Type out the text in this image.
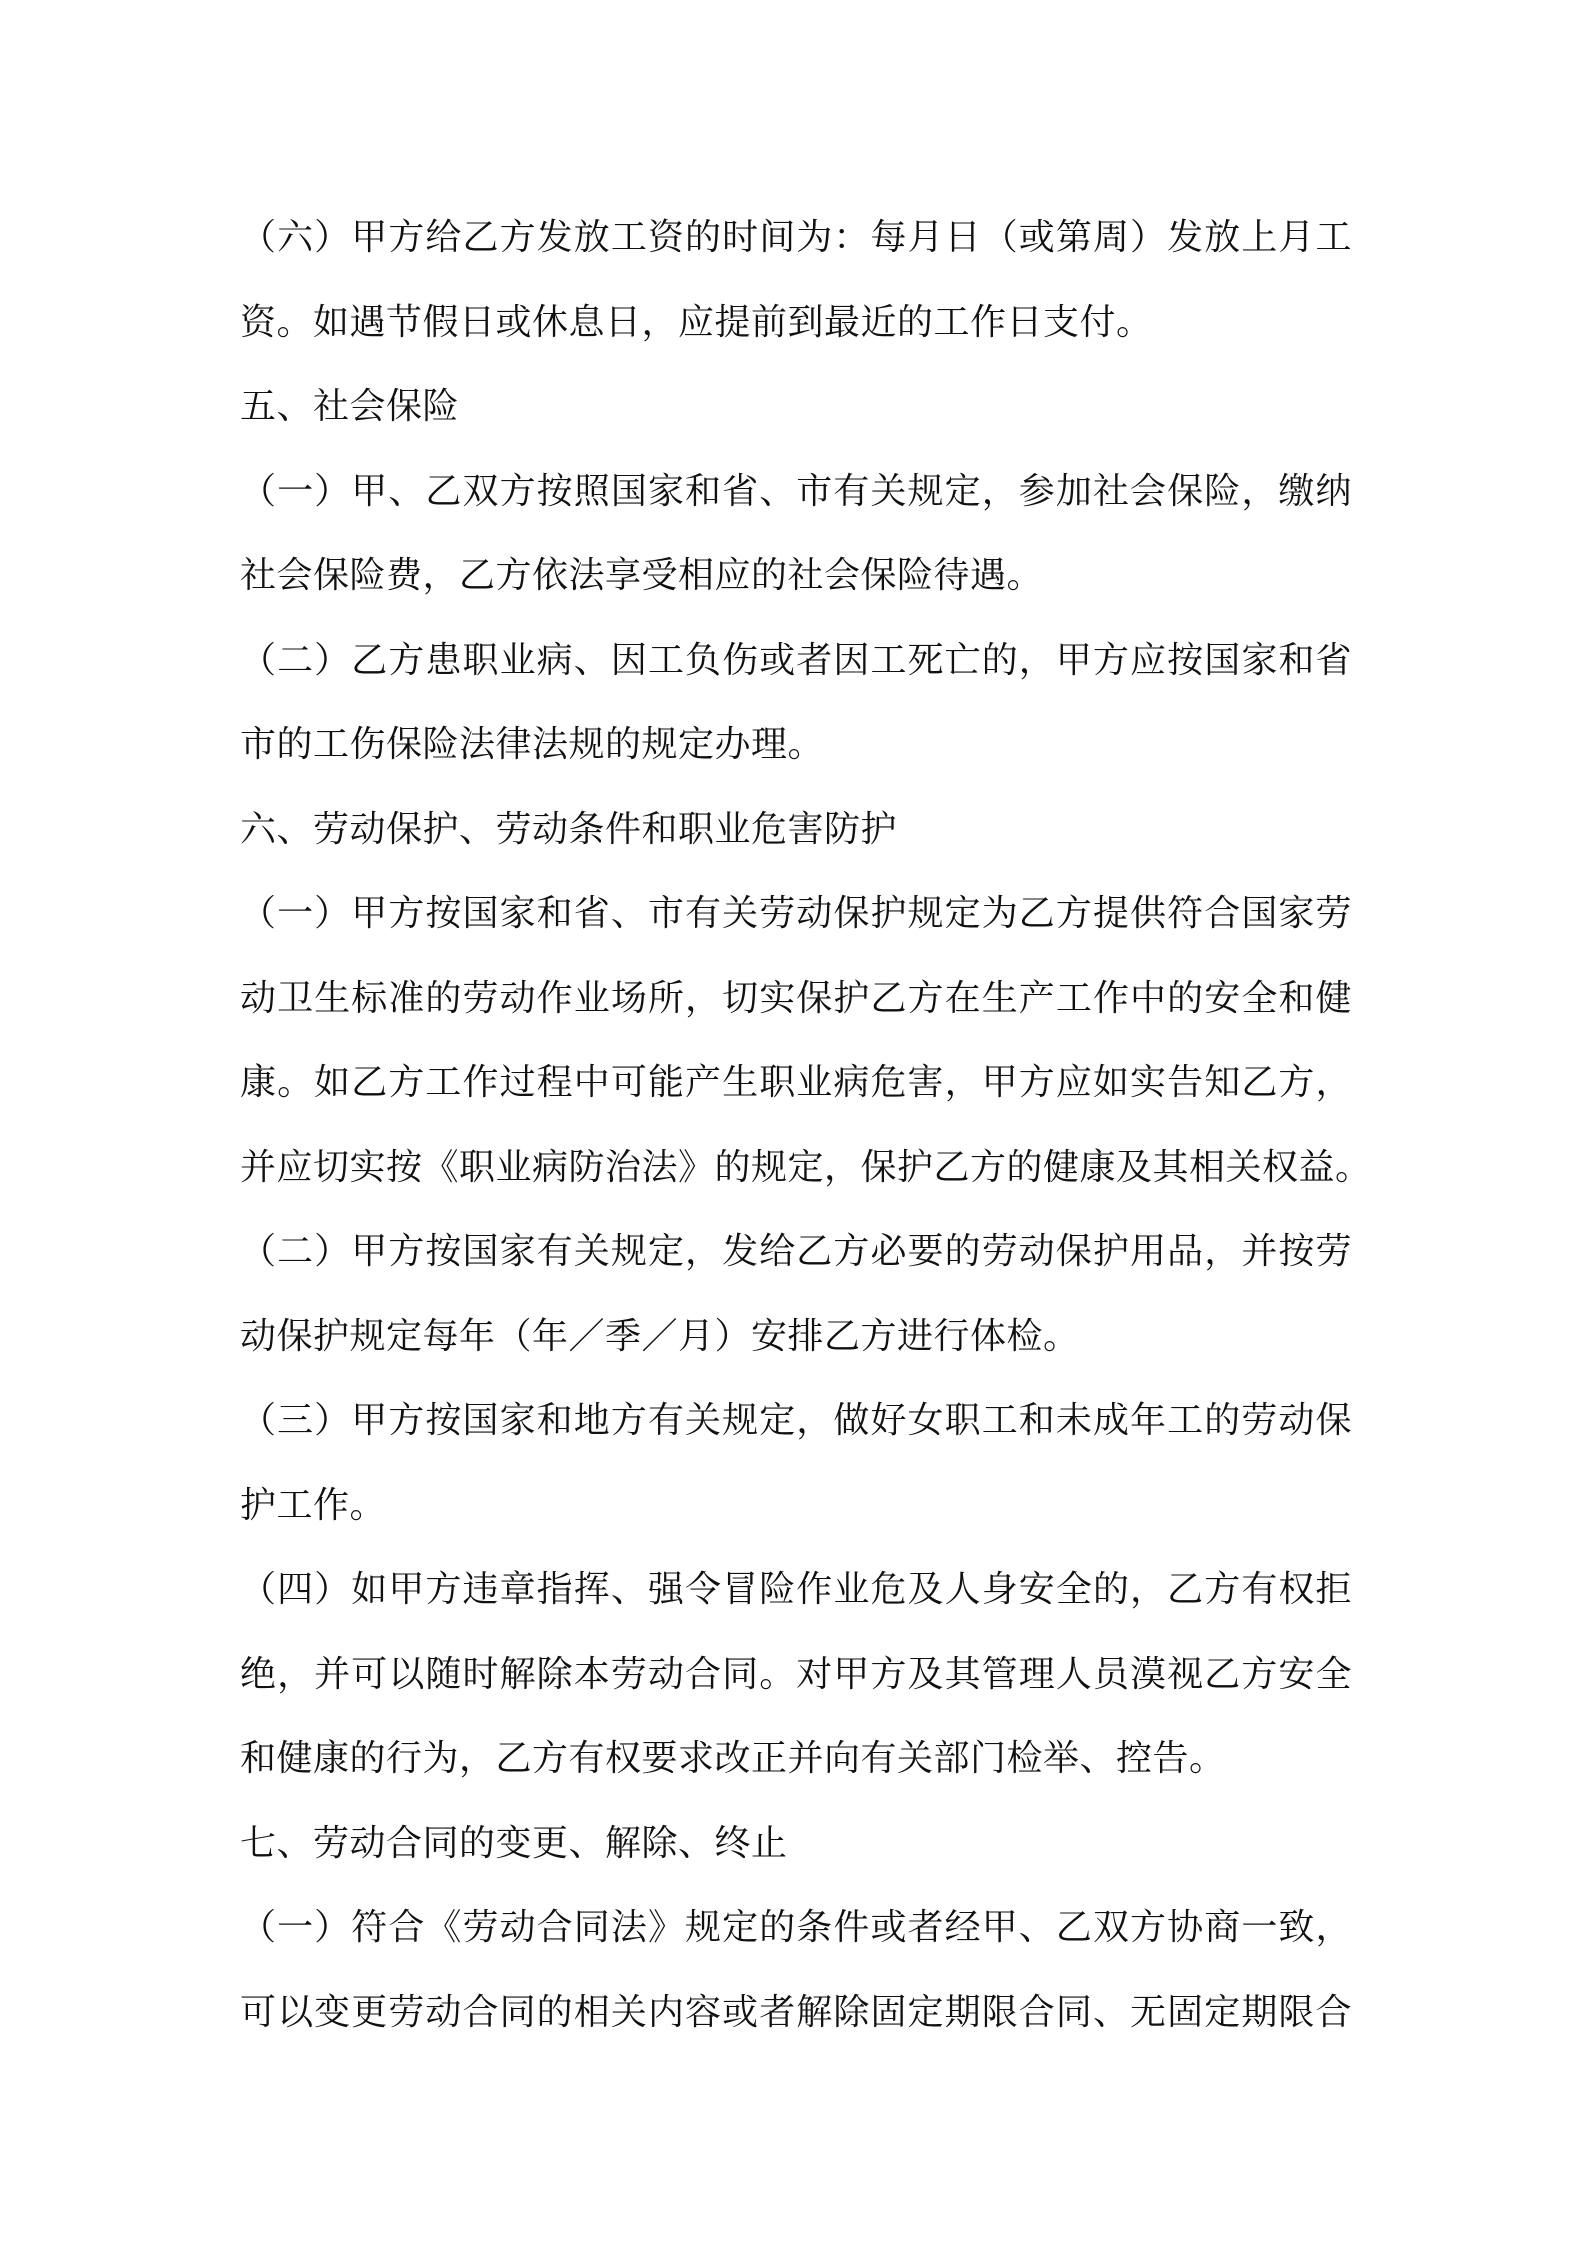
（六）甲方给乙方发放工资的时间为：每月日（或第周）发放上月工
资。如遇节假日或休息日，应提前到最近的工作日支付。
五、社会保险
（一）甲、乙双方按照国家和省、市有关规定，参加社会保险，缴纳
社会保险费，乙方依法享受相应的社会保险待遇。
（二）乙方患职业病、因工负伤或者因工死亡的，甲方应按国家和省
市的工伤保险法律法规的规定办理。
六、劳动保护、劳动条件和职业危害防护
（一）甲方按国家和省、市有关劳动保护规定为乙方提供符合国家劳
动卫生标准的劳动作业场所，切实保护乙方在生产工作中的安全和健
康。如乙方工作过程中可能产生职业病危害，甲方应如实告知乙方，
并应切实按《职业病防治法》的规定，保护乙方的健康及其相关权益。
（二）甲方按国家有关规定，发给乙方必要的劳动保护用品，并按劳
动保护规定每年（年／季／月）安排乙方进行体检。
（三）甲方按国家和地方有关规定，做好女职工和未成年工的劳动保
护工作。
（四）如甲方违章指挥、强令冒险作业危及人身安全的，乙方有权拒
绝，并可以随时解除本劳动合同。对甲方及其管理人员漠视乙方安全
和健康的行为，乙方有权要求改正并向有关部门检举、控告。
七、劳动合同的变更、解除、终止
（一）符合《劳动合同法》规定的条件或者经甲、乙双方协商一致，
可以变更劳动合同的相关内容或者解除固定期限合同、无固定期限合
